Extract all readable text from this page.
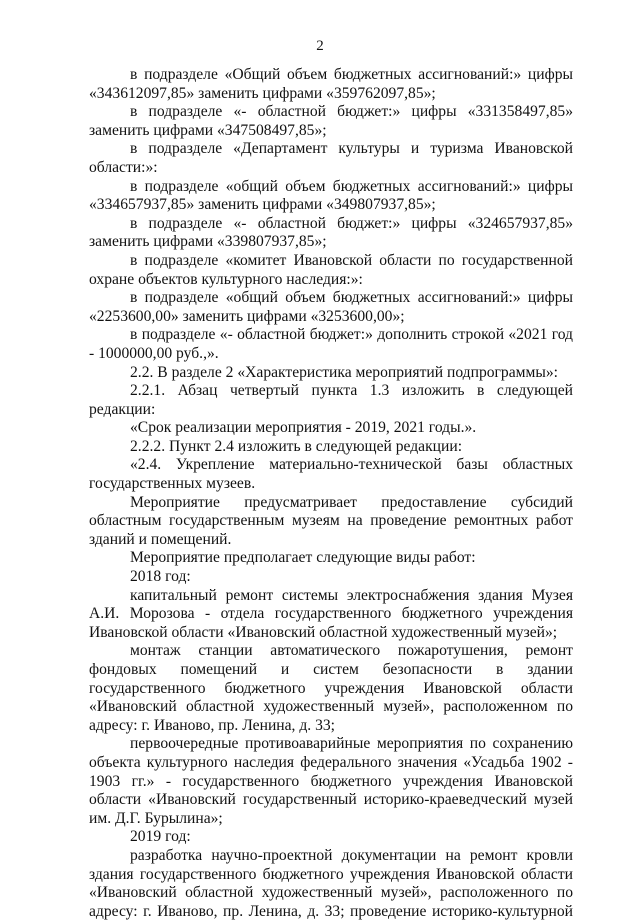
2

в подразделе «Общий объем бюджетных ассигнований:» цифры «343612097,85» заменить цифрами «359762097,85»;

в подразделе «- областной бюджет:» цифры «331358497,85» заменить цифрами «347508497,85»;

в подразделе «Департамент культуры и туризма Ивановской области:»:

в подразделе «общий объем бюджетных ассигнований:» цифры «334657937,85» заменить цифрами «349807937,85»;

в подразделе «- областной бюджет:» цифры «324657937,85» заменить цифрами «339807937,85»;

в подразделе «комитет Ивановской области по государственной охране объектов культурного наследия:»:

в подразделе «общий объем бюджетных ассигнований:» цифры «2253600,00» заменить цифрами «3253600,00»;

в подразделе «- областной бюджет:» дополнить строкой «2021 год - 1000000,00 руб.,».

2.2. В разделе 2 «Характеристика мероприятий подпрограммы»:

2.2.1. Абзац четвертый пункта 1.3 изложить в следующей редакции:

«Срок реализации мероприятия - 2019, 2021 годы.».

2.2.2. Пункт 2.4 изложить в следующей редакции:

«2.4. Укрепление материально-технической базы областных государственных музеев.

Мероприятие предусматривает предоставление субсидий областным государственным музеям на проведение ремонтных работ зданий и помещений.

Мероприятие предполагает следующие виды работ:

2018 год:

капитальный ремонт системы электроснабжения здания Музея А.И. Морозова - отдела государственного бюджетного учреждения Ивановской области «Ивановский областной художественный музей»;

монтаж станции автоматического пожаротушения, ремонт фондовых помещений и систем безопасности в здании государственного бюджетного учреждения Ивановской области «Ивановский областной художественный музей», расположенном по адресу: г. Иваново, пр. Ленина, д. 33;

первоочередные противоаварийные мероприятия по сохранению объекта культурного наследия федерального значения «Усадьба 1902 - 1903 гг.» - государственного бюджетного учреждения Ивановской области «Ивановский государственный историко-краеведческий музей им. Д.Г. Бурылина»;

2019 год:

разработка научно-проектной документации на ремонт кровли здания государственного бюджетного учреждения Ивановской области «Ивановский областной художественный музей», расположенного по адресу: г. Иваново, пр. Ленина, д. 33; проведение историко-культурной
